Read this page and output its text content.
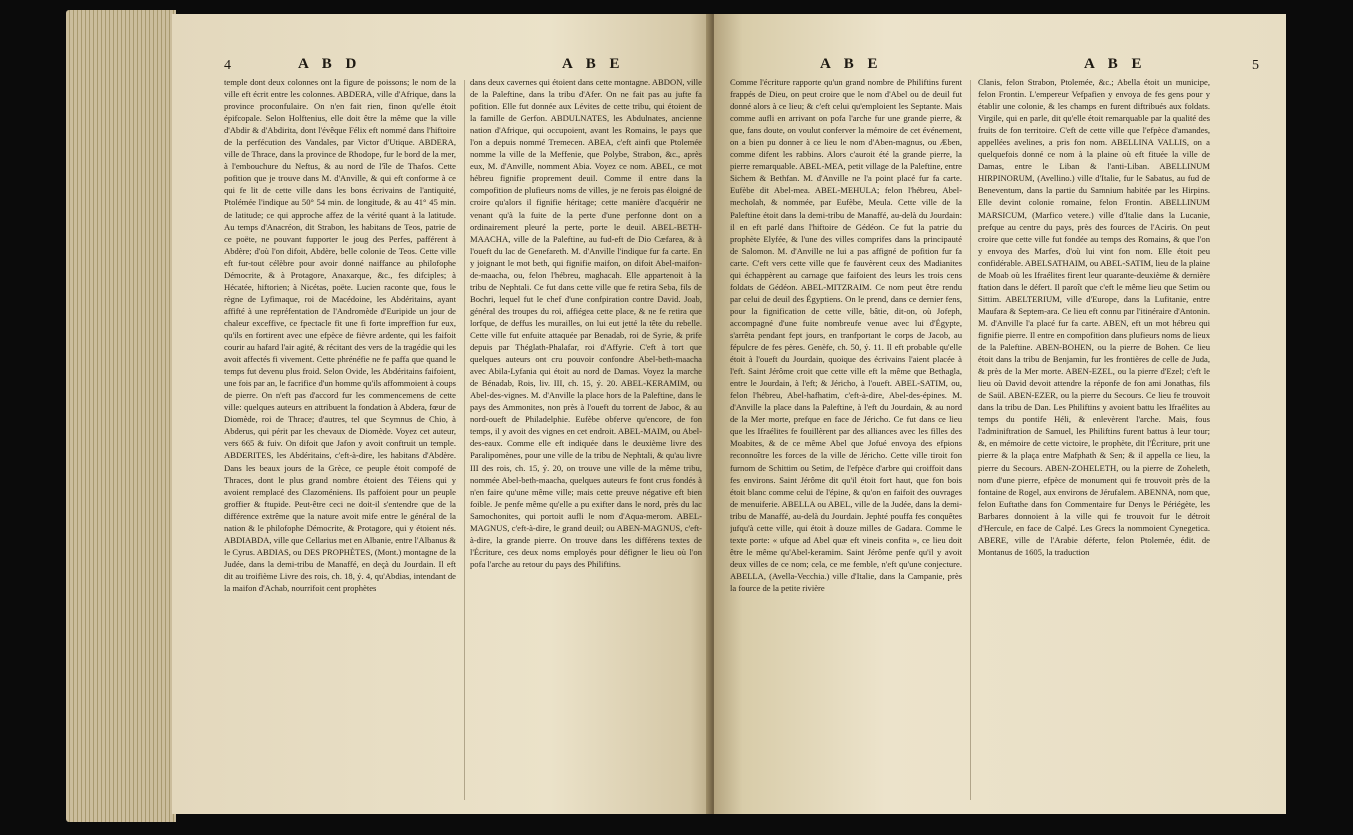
4	A B D	A B E
temple dont deux colonnes ont la figure de poissons; le nom de la ville eft écrit entre les colonnes. ABDERA, ville d'Afrique, dans la province proconfulaire. On n'en fait rien, finon qu'elle étoit épifcopale. Selon Holftenius, elle doit être la même que la ville d'Abdir & d'Abdirita, dont l'évêque Félix eft nommé dans l'hiftoire de la perfécution des Vandales, par Victor d'Utique. ABDERA, ville de Thrace, dans la province de Rhodope, fur le bord de la mer, à l'embouchure du Neftus, & au nord de l'île de Thafos. Cette pofition que je trouve dans M. d'Anville, & qui eft conforme à ce qui fe lit de cette ville dans les bons écrivains de l'antiquité, Ptolémée l'indique au 50° 54 min. de longitude, & au 41° 45 min. de latitude; ce qui approche affez de la vérité quant à la latitude. Au temps d'Anacréon, dit Strabon, les habitans de Teos, patrie de ce poëte, ne pouvant fupporter le joug des Perfes, pafférent à Abdère; d'où l'on difoit, Abdère, belle colonie de Teos. Cette ville eft fur-tout célèbre pour avoir donné naiffance au philofophe Démocrite, & à Protagore, Anaxarque, &c., fes difciples; à Hécatée, hiftorien; à Nicétas, poëte. Lucien raconte que, fous le règne de Lyfimaque, roi de Macédoine, les Abdéritains, ayant affifté à une repréfentation de l'Andromède d'Euripide un jour de chaleur exceffive, ce fpectacle fit une fi forte impreffion fur eux, qu'ils en fortirent avec une efpèce de fièvre ardente, qui les faifoit courir au hafard l'air agité, & récitant des vers de la tragédie qui les avoit affectés fi vivement. Cette phrénéfie ne fe paffa que quand le temps fut devenu plus froid. Selon Ovide, les Abdéritains faifoient, une fois par an, le facrifice d'un homme qu'ils affommoient à coups de pierre. On n'eft pas d'accord fur les commencemens de cette ville: quelques auteurs en attribuent la fondation à Abdera, fœur de Diomède, roi de Thrace; d'autres, tel que Scymnus de Chio, à Abderus, qui périt par les chevaux de Diomède. Voyez cet auteur, vers 665 & fuiv. On difoit que Jafon y avoit conftruit un temple. ABDERITES, les Abdéritains, c'eft-à-dire, les habitans d'Abdère. Dans les beaux jours de la Grèce, ce peuple étoit compofé de Thraces, dont le plus grand nombre étoient des Téiens qui y avoient remplacé des Clazoméniens. Ils paffoient pour un peuple groffier & ftupide. Peut-être ceci ne doit-il s'entendre que de la différence extrême que la nature avoit mife entre le général de la nation & le philofophe Démocrite, & Protagore, qui y étoient nés. ABDIABDA, ville que Cellarius met en Albanie, entre l'Albanus & le Cyrus. ABDIAS, ou DES PROPHÈTES, (Mont.) montagne de la Judée, dans la demi-tribu de Manaffé, en deçà du Jourdain. Il eft dit au troifième Livre des rois, ch. 18, ý. 4, qu'Abdias, intendant de la maifon d'Achab, nourrifoit cent prophètes
dans deux cavernes qui étoient dans cette montagne. ABDON, ville de la Paleftine, dans la tribu d'Afer. On ne fait pas au jufte fa pofition. Elle fut donnée aux Lévites de cette tribu, qui étoient de la famille de Gerfon. ABDULNATES, les Abdulnates, ancienne nation d'Afrique, qui occupoient, avant les Romains, le pays que l'on a depuis nommé Tremecen. ABEA, c'eft ainfi que Ptolemée nomme la ville de la Meffenie, que Polybe, Strabon, &c., après eux, M. d'Anville, nomment Abia. Voyez ce nom. ABEL, ce mot hébreu fignifie proprement deuil. Comme il entre dans la compofition de plufieurs noms de villes, je ne ferois pas éloigné de croire qu'alors il fignifie héritage; cette manière d'acquérir ne venant qu'à la fuite de la perte d'une perfonne dont on a ordinairement pleuré la perte, porte le deuil. ABEL-BETH-MAACHA, ville de la Paleftine, au fud-eft de Dio Cæfarea, & à l'oueft du lac de Genefareth. M. d'Anville l'indique fur fa carte. En y joignant le mot beth, qui fignifie maifon, on difoit Abel-maifon-de-maacha, ou, felon l'hébreu, maghacah. Elle appartenoit à la tribu de Nephtali. Ce fut dans cette ville que fe retira Seba, fils de Bochri, lequel fut le chef d'une confpiration contre David. Joab, général des troupes du roi, affiégea cette place, & ne fe retira que lorfque, de deffus les murailles, on lui eut jetté la tête du rebelle. Cette ville fut enfuite attaquée par Benadab, roi de Syrie, & prife depuis par Théglath-Phalafar, roi d'Affyrie. C'eft à tort que quelques auteurs ont cru pouvoir confondre Abel-beth-maacha avec Abila-Lyfania qui étoit au nord de Damas. Voyez la marche de Bénadab, Rois, liv. III, ch. 15, ý. 20. ABEL-KERAMIM, ou Abel-des-vignes. M. d'Anville la place hors de la Paleftine, dans le pays des Ammonites, non près à l'oueft du torrent de Jaboc, & au nord-oueft de Philadelphie. Eufèbe obferve qu'encore, de fon temps, il y avoit des vignes en cet endroit. ABEL-MAIM, ou Abel-des-eaux. Comme elle eft indiquée dans le deuxième livre des Paralipomènes, pour une ville de la tribu de Nephtali, & qu'au livre III des rois, ch. 15, ý. 20, on trouve une ville de la même tribu, nommée Abel-beth-maacha, quelques auteurs fe font crus fondés à n'en faire qu'une même ville; mais cette preuve négative eft bien foible. Je penfe même qu'elle a pu exifter dans le nord, près du lac Samochonites, qui portoit aufli le nom d'Aqua-merom. ABEL-MAGNUS, c'eft-à-dire, le grand deuil; ou ABEN-MAGNUS, c'eft-à-dire, la grande pierre. On trouve dans les différens textes de l'Écriture, ces deux noms employés pour défigner le lieu où l'on pofa l'arche au retour du pays des Philiftins.
A B E	A B E	5
Comme l'écriture rapporte qu'un grand nombre de Philiftins furent frappés de Dieu, on peut croire que le nom d'Abel ou de deuil fut donné alors à ce lieu; & c'eft celui qu'emploient les Septante. Mais comme aufli en arrivant on pofa l'arche fur une grande pierre, & que, fans doute, on voulut conferver la mémoire de cet événement, on a bien pu donner à ce lieu le nom d'Aben-magnus, ou Æben, comme difent les rabbins. Alors c'auroit été la grande pierre, la pierre remarquable. ABEL-MEA, petit village de la Paleftine, entre Sichem & Bethfan. M. d'Anville ne l'a point placé fur fa carte. Eufèbe dit Abel-mea. ABEL-MEHULA; felon l'hébreu, Abel-mecholah, & nommée, par Eufèbe, Meula. Cette ville de la Paleftine étoit dans la demi-tribu de Manaffé, au-delà du Jourdain: il en eft parlé dans l'hiftoire de Gédéon. Ce fut la patrie du prophète Elyfée, & l'une des villes comprifes dans la principauté de Salomon. M. d'Anville ne lui a pas affigné de pofition fur fa carte. C'eft vers cette ville que fe fauvèrent ceux des Madianites qui échappèrent au carnage que faifoient des leurs les trois cens foldats de Gédéon. ABEL-MITZRAIM. Ce nom peut être rendu par celui de deuil des Égyptiens. On le prend, dans ce dernier fens, pour la fignification de cette ville, bâtie, dit-on, où Jofeph, accompagné d'une fuite nombreufe venue avec lui d'Égypte, s'arrêta pendant fept jours, en tranfportant le corps de Jacob, au fépulcre de fes pères. Genèfe, ch. 50, ý. 11. Il eft probable qu'elle étoit à l'oueft du Jourdain, quoique des écrivains l'aient placée à l'eft. Saint Jérôme croit que cette ville eft la même que Bethagla, entre le Jourdain, à l'eft; & Jéricho, à l'oueft. ABEL-SATIM, ou, felon l'hébreu, Abel-hafhatim, c'eft-à-dire, Abel-des-épines. M. d'Anville la place dans la Paleftine, à l'eft du Jourdain, & au nord de la Mer morte, prefque en face de Jéricho. Ce fut dans ce lieu que les Ifraélites fe fouillèrent par des alliances avec les filles des Moabites, & de ce même Abel que Jofué envoya des efpions reconnoître les forces de la ville de Jéricho. Cette ville tiroit fon furnom de Schittim ou Setim, de l'efpèce d'arbre qui croiffoit dans fes environs. Saint Jérôme dit qu'il étoit fort haut, que fon bois étoit blanc comme celui de l'épine, & qu'on en faifoit des ouvrages de menuiferie. ABELLA ou ABEL, ville de la Judée, dans la demi-tribu de Manaffé, au-delà du Jourdain. Jephté pouffa fes conquêtes jufqu'à cette ville, qui étoit à douze milles de Gadara. Comme le texte porte: « ufque ad Abel quæ eft vineis confita », ce lieu doit être le même qu'Abel-keramim. Saint Jérôme penfe qu'il y avoit deux villes de ce nom; cela, ce me femble, n'eft qu'une conjecture. ABELLA, (Avella-Vecchia.) ville d'Italie, dans la Campanie, près la fource de la petite rivière
Clanis, felon Strabon, Ptolemée, &c.; Abella étoit un municipe, felon Frontin. L'empereur Vefpafien y envoya de fes gens pour y établir une colonie, & les champs en furent diftribués aux foldats. Virgile, qui en parle, dit qu'elle étoit remarquable par la qualité des fruits de fon territoire. C'eft de cette ville que l'efpèce d'amandes, appellées avelines, a pris fon nom. ABELLINA VALLIS, on a quelquefois donné ce nom à la plaine où eft fituée la ville de Damas, entre le Liban & l'anti-Liban. ABELLINUM HIRPINORUM, (Avellino.) ville d'Italie, fur le Sabatus, au fud de Beneventum, dans la partie du Samnium habitée par les Hirpins. Elle devint colonie romaine, felon Frontin. ABELLINUM MARSICUM, (Marfico vetere.) ville d'Italie dans la Lucanie, prefque au centre du pays, près des fources de l'Aciris. On peut croire que cette ville fut fondée au temps des Romains, & que l'on y envoya des Marfes, d'où lui vint fon nom. Elle étoit peu confidérable. ABELSATHAIM, ou ABEL-SATIM, lieu de la plaine de Moab où les Ifraélites firent leur quarante-deuxième & dernière ftation dans le défert. Il paroît que c'eft le même lieu que Setim ou Sittim. ABELTERIUM, ville d'Europe, dans la Lufitanie, entre Maufara & Septem-ara. Ce lieu eft connu par l'itinéraire d'Antonin. M. d'Anville l'a placé fur fa carte. ABEN, eft un mot hébreu qui fignifie pierre. Il entre en compofition dans plufieurs noms de lieux de la Paleftine. ABEN-BOHEN, ou la pierre de Bohen. Ce lieu étoit dans la tribu de Benjamin, fur les frontières de celle de Juda, & près de la Mer morte. ABEN-EZEL, ou la pierre d'Ezel; c'eft le lieu où David devoit attendre la réponfe de fon ami Jonathas, fils de Saül. ABEN-EZER, ou la pierre du Secours. Ce lieu fe trouvoit dans la tribu de Dan. Les Philiftins y avoient battu les Ifraélites au temps du pontife Héli, & enlevèrent l'arche. Mais, fous l'adminiftration de Samuel, les Philiftins furent battus à leur tour; &, en mémoire de cette victoire, le prophète, dit l'Écriture, prit une pierre & la plaça entre Mafphath & Sen; & il appella ce lieu, la pierre du Secours. ABEN-ZOHELETH, ou la pierre de Zoheleth, nom d'une pierre, efpèce de monument qui fe trouvoit près de la fontaine de Rogel, aux environs de Jérufalem. ABENNA, nom que, felon Euftathe dans fon Commentaire fur Denys le Périégète, les Barbares donnoient à la ville qui fe trouvoit fur le détroit d'Hercule, en face de Calpé. Les Grecs la nommoient Cynegetica. ABERE, ville de l'Arabie déferte, felon Ptolemée, édit. de Montanus de 1605, la traduction
